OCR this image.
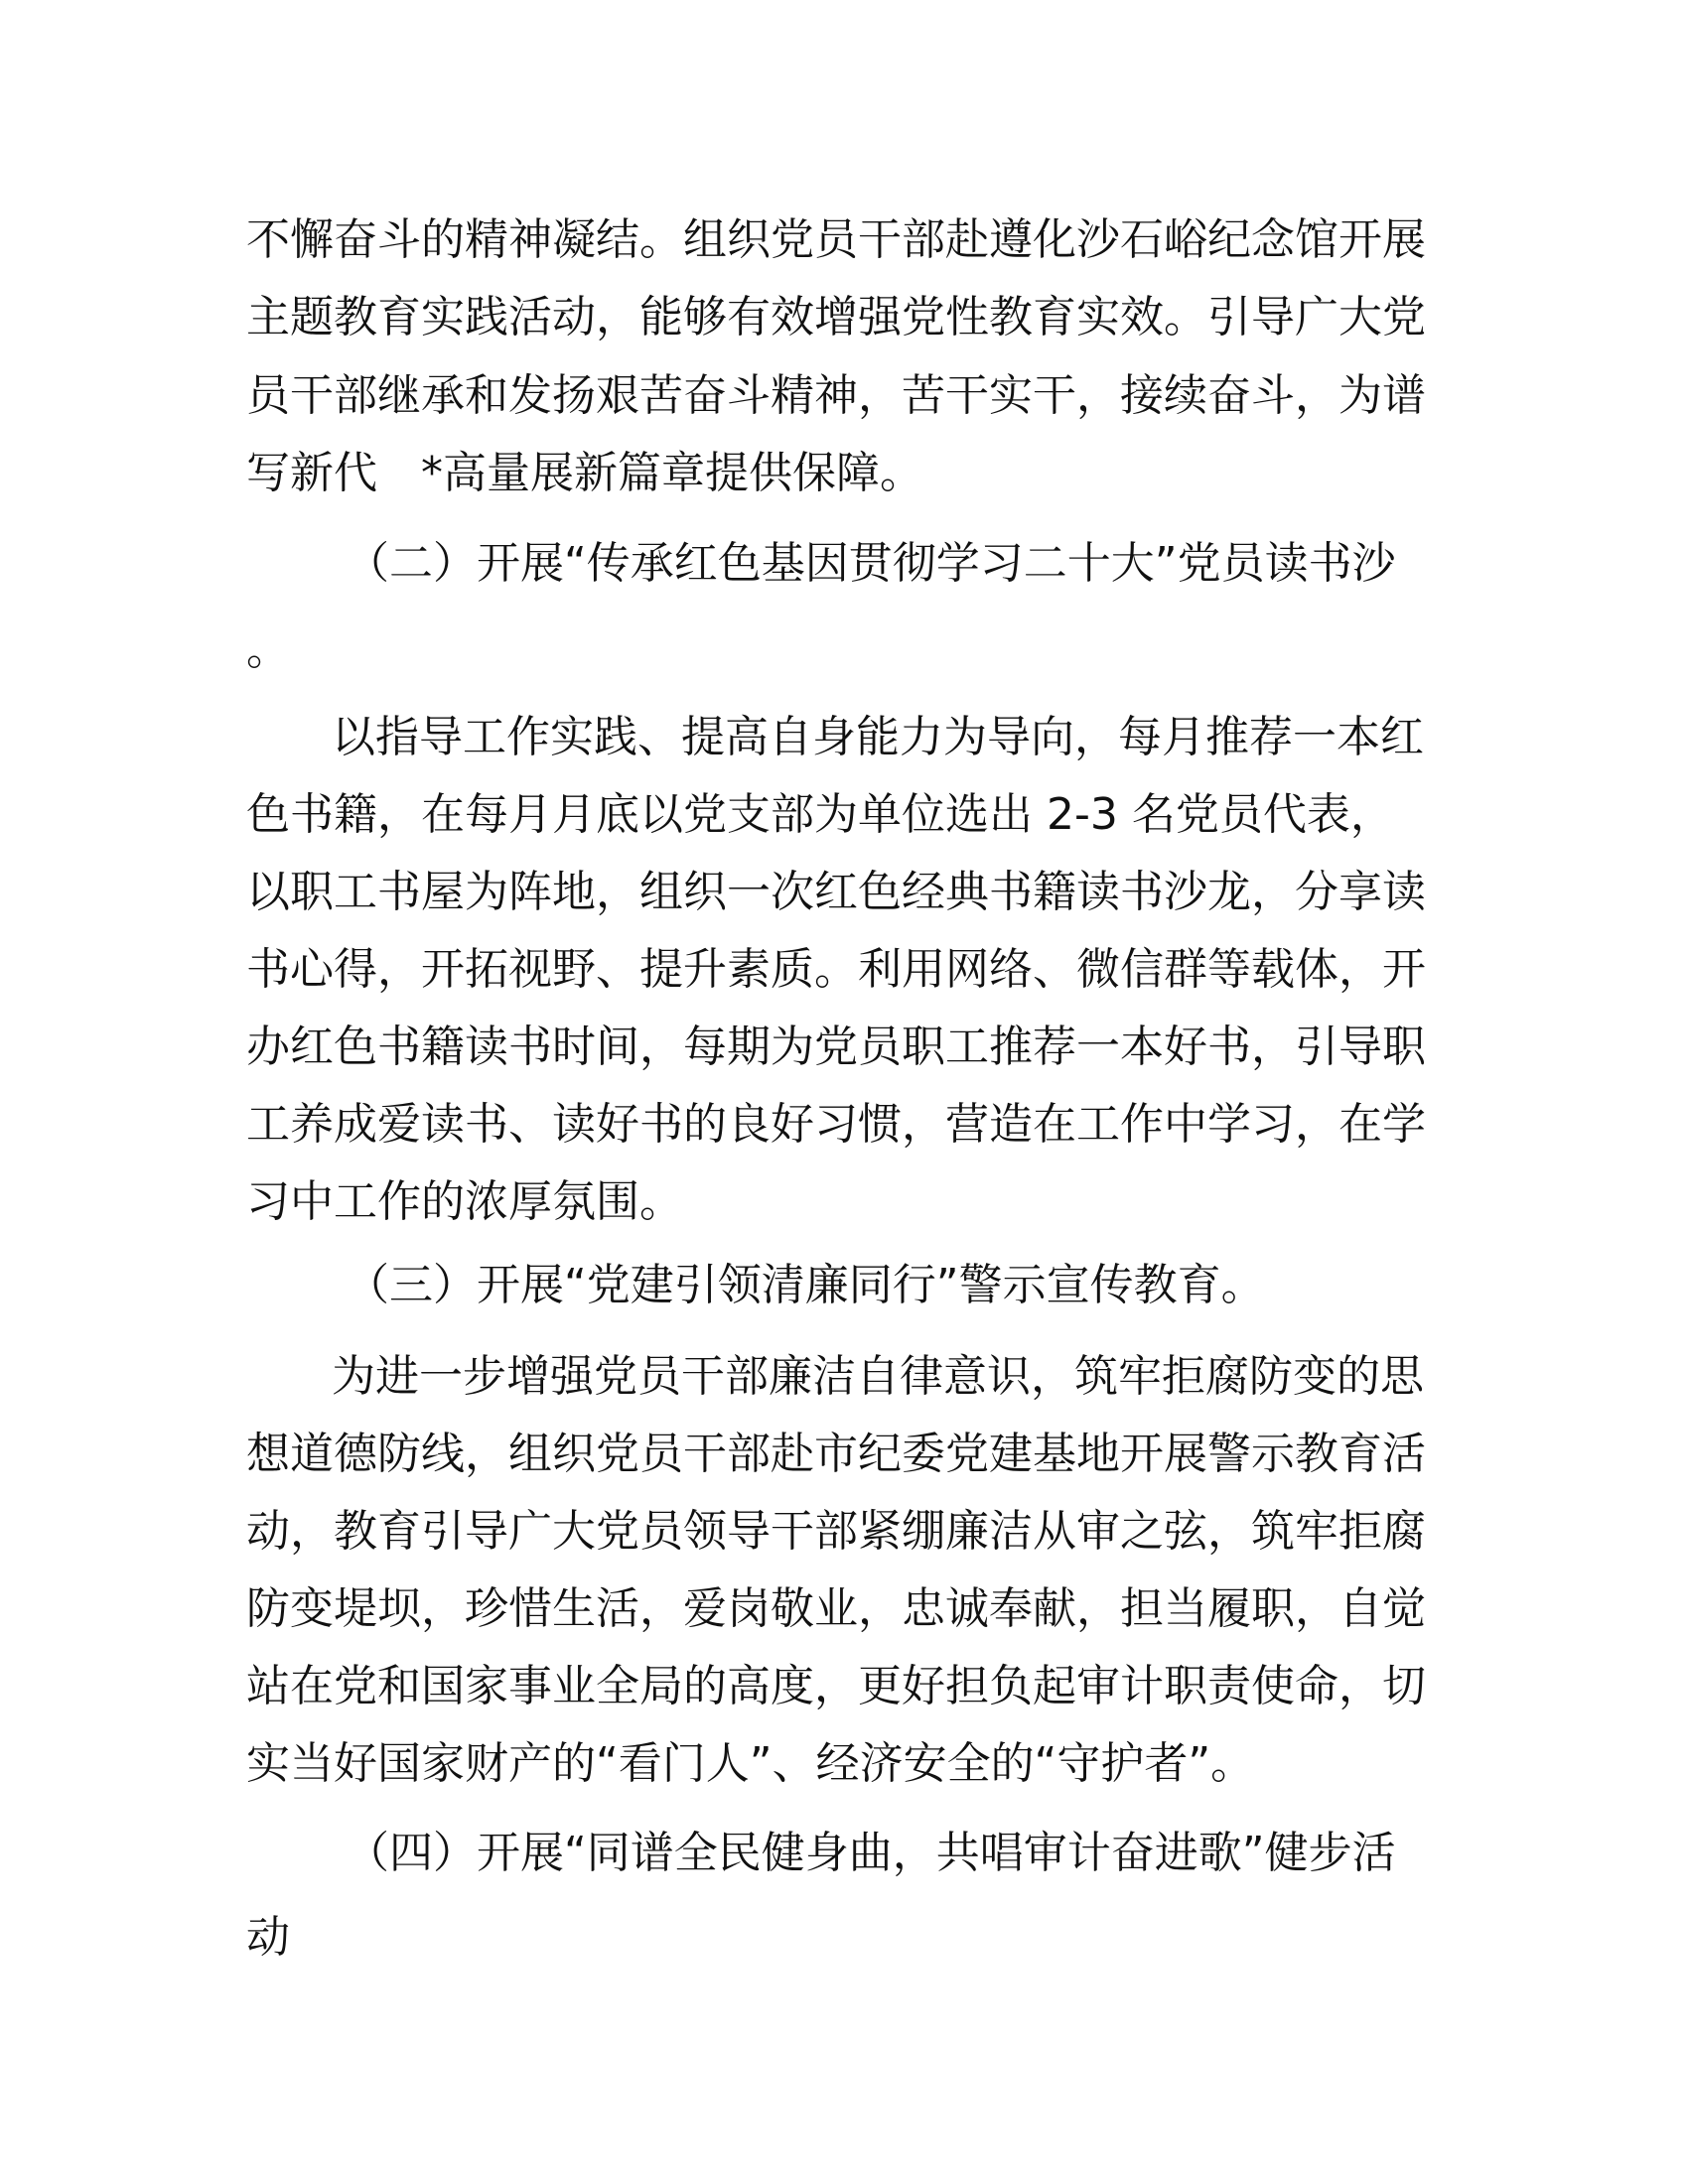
不懈奋斗的精神凝结。组织党员干部赴遵化沙石峪纪念馆开展
主题教育实践活动，能够有效增强党性教育实效。引导广大党
员干部继承和发扬艰苦奋斗精神，苦干实干，接续奋斗，为谱
写新代　*高量展新篇章提供保障。
（二）开展“传承红色基因贯彻学习二十大”党员读书沙
。
以指导工作实践、提高自身能力为导向，每月推荐一本红
色书籍，在每月月底以党支部为单位选出 2-3 名党员代表，
以职工书屋为阵地，组织一次红色经典书籍读书沙龙，分享读
书心得，开拓视野、提升素质。利用网络、微信群等载体，开
办红色书籍读书时间，每期为党员职工推荐一本好书，引导职
工养成爱读书、读好书的良好习惯，营造在工作中学习，在学
习中工作的浓厚氛围。
（三）开展“党建引领清廉同行”警示宣传教育。
为进一步增强党员干部廉洁自律意识，筑牢拒腐防变的思
想道德防线，组织党员干部赴市纪委党建基地开展警示教育活
动，教育引导广大党员领导干部紧绷廉洁从审之弦，筑牢拒腐
防变堤坝，珍惜生活，爱岗敬业，忠诚奉献，担当履职，自觉
站在党和国家事业全局的高度，更好担负起审计职责使命，切
实当好国家财产的“看门人”、经济安全的“守护者”。
（四）开展“同谱全民健身曲，共唱审计奋进歌”健步活
动
